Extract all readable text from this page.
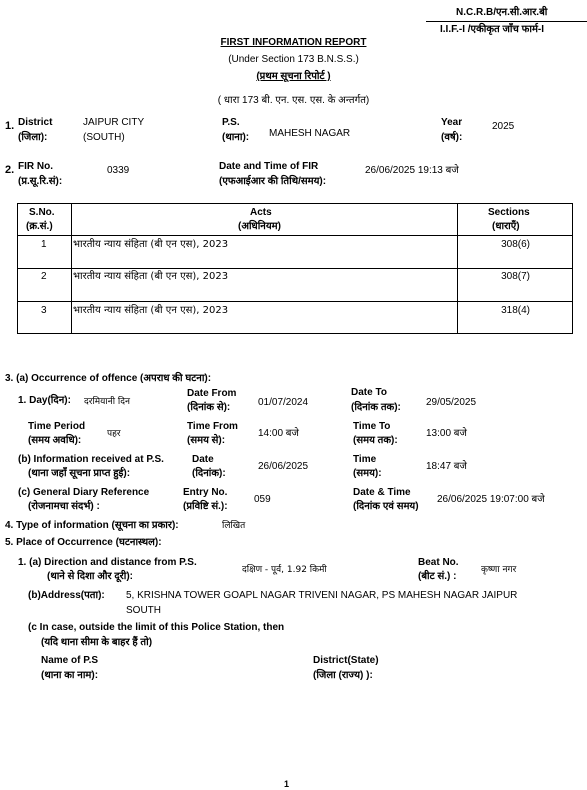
N.C.R.B/एन.सी.आर.बी
I.I.F.-I /एकीकृत जाँच फार्म-I
FIRST INFORMATION REPORT
(Under Section 173 B.N.S.S.)
(प्रथम सूचना रिपोर्ट )
( धारा 173 बी. एन. एस. एस. के अन्तर्गत)
1. District
(जिला):
JAIPUR CITY
(SOUTH)
P.S.
(थाना): MAHESH NAGAR
Year
(वर्ष):
2025
2. FIR No.
(प्र.सू.रि.सं):
0339	Date and Time of FIR
(एफआईआर की तिथि/समय):
26/06/2025 19:13 बजे
S.No.
(क्र.सं.)
Acts
(अधिनियम)
Sections
(धाराएँ)
1	भारतीय न्याय संहिता (बी एन एस), 2023	308(6)
2	भारतीय न्याय संहिता (बी एन एस), 2023	308(7)
3	भारतीय न्याय संहिता (बी एन एस), 2023	318(4)
3. (a) Occurrence of offence (अपराध की घटना):
1. Day(दिन): दरमियानी दिन
Date From
(दिनांक से):	01/07/2024
Date To
(दिनांक तक):	29/05/2025
Time Period
(समय अवधि):
पहर
Time From
(समय से):
14:00 बजे
Time To
(समय तक):
13:00 बजे
(b) Information received at P.S.
(थाना जहाँ सूचना प्राप्त हुई):
Date
(दिनांक):
26/06/2025
Time
(समय):
18:47 बजे
(c) General Diary Reference
(रोजनामचा संदर्भ) :
Entry No.
(प्रविष्टि सं.):
059
Date & Time
(दिनांक एवं समय)
26/06/2025 19:07:00 बजे
4. Type of information (सूचना का प्रकार):	लिखित
5. Place of Occurrence (घटनास्थल):
1. (a) Direction and distance from P.S.
(थाने से दिशा और दूरी):
दक्षिण - पूर्व, 1.92 किमी
Beat No.
(बीट सं.) :
कृष्णा नगर
(b)Address(पता): 5, KRISHNA TOWER GOAPL NAGAR TRIVENI NAGAR, PS MAHESH NAGAR JAIPUR
SOUTH
(c In case, outside the limit of this Police Station, then
(यदि थाना सीमा के बाहर हैं तो)
Name of P.S
(थाना का नाम):
District(State)
(जिला (राज्य) ):
1
